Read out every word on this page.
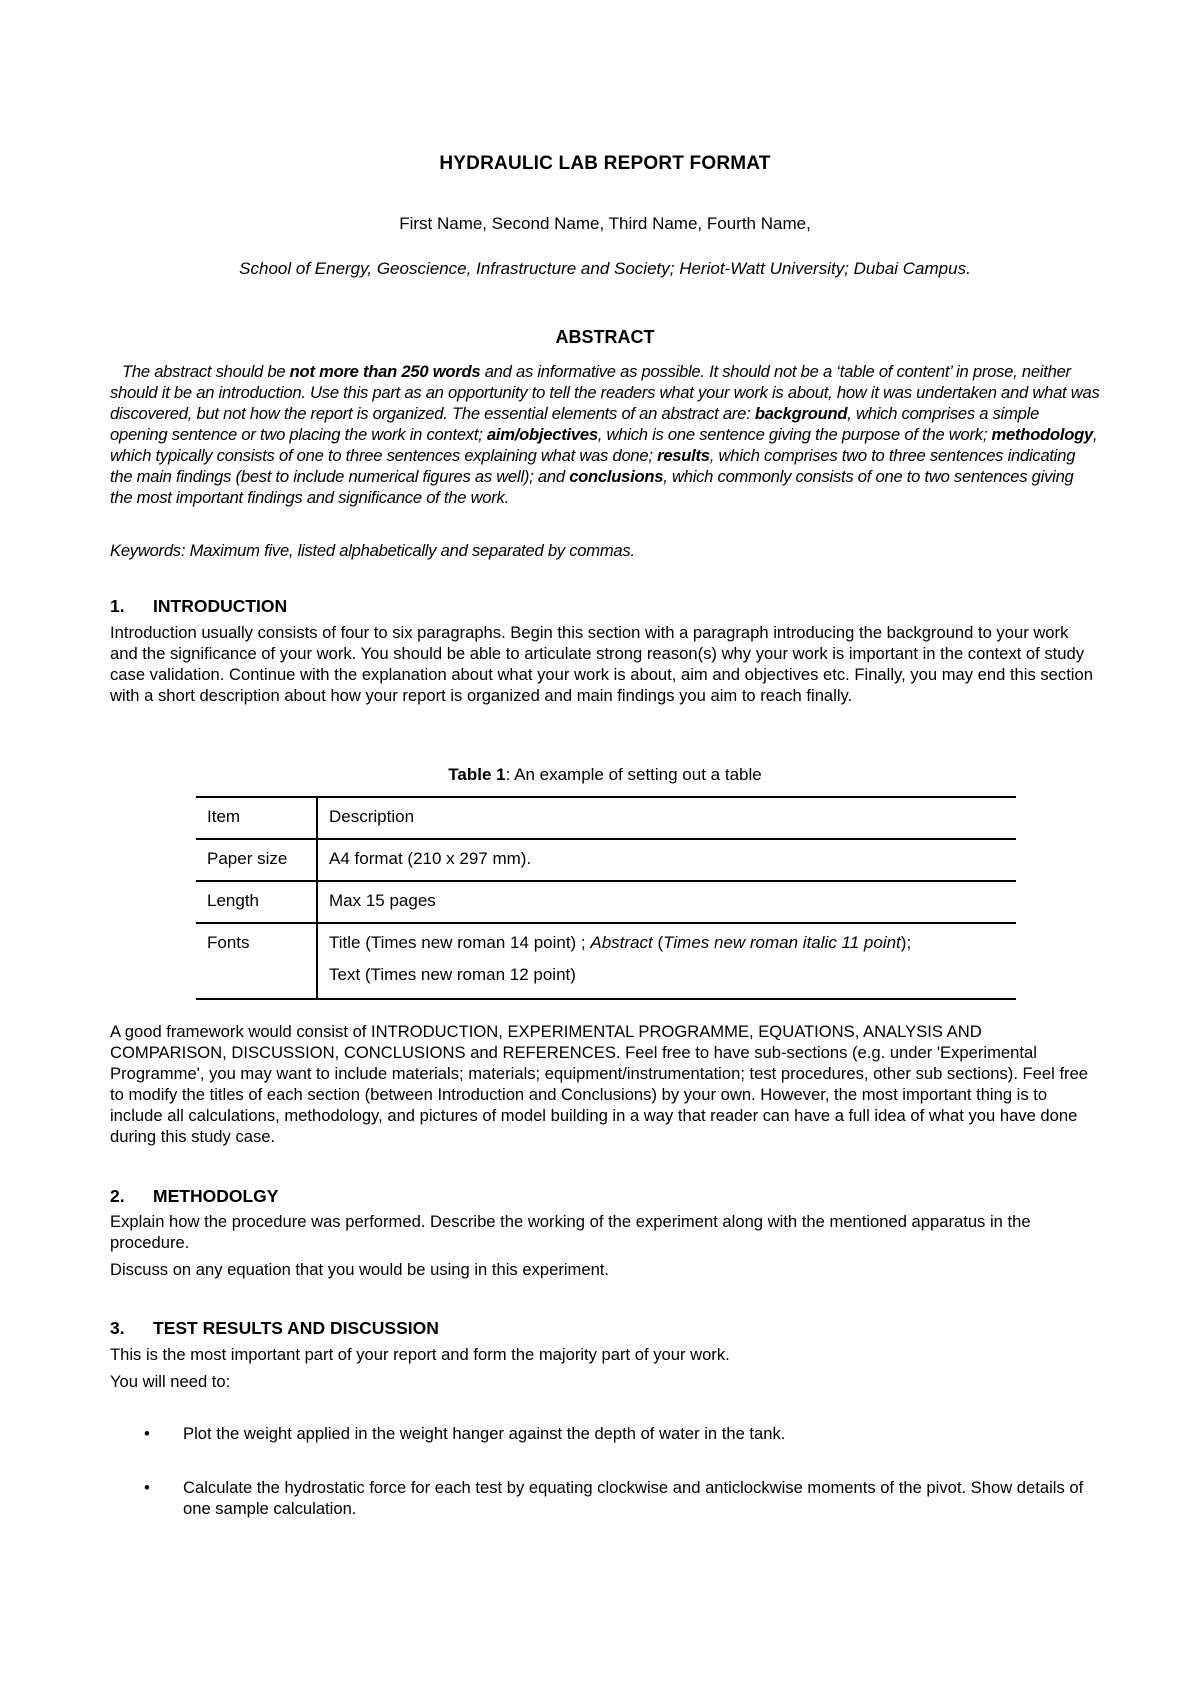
HYDRAULIC LAB REPORT FORMAT
First Name, Second Name, Third Name, Fourth Name,
School of Energy, Geoscience, Infrastructure and Society; Heriot-Watt University; Dubai Campus.
ABSTRACT
The abstract should be not more than 250 words and as informative as possible. It should not be a ‘table of content’ in prose, neither should it be an introduction. Use this part as an opportunity to tell the readers what your work is about, how it was undertaken and what was discovered, but not how the report is organized. The essential elements of an abstract are: background, which comprises a simple opening sentence or two placing the work in context; aim/objectives, which is one sentence giving the purpose of the work; methodology, which typically consists of one to three sentences explaining what was done; results, which comprises two to three sentences indicating the main findings (best to include numerical figures as well); and conclusions, which commonly consists of one to two sentences giving the most important findings and significance of the work.
Keywords: Maximum five, listed alphabetically and separated by commas.
1. INTRODUCTION
Introduction usually consists of four to six paragraphs. Begin this section with a paragraph introducing the background to your work and the significance of your work. You should be able to articulate strong reason(s) why your work is important in the context of study case validation. Continue with the explanation about what your work is about, aim and objectives etc. Finally, you may end this section with a short description about how your report is organized and main findings you aim to reach finally.
Table 1: An example of setting out a table
Item	Description
Paper size	A4 format (210 x 297 mm).
Length	Max 15 pages
Fonts	Title (Times new roman 14 point) ; Abstract (Times new roman italic 11 point);
Text (Times new roman 12 point)
A good framework would consist of INTRODUCTION, EXPERIMENTAL PROGRAMME, EQUATIONS, ANALYSIS AND COMPARISON, DISCUSSION, CONCLUSIONS and REFERENCES. Feel free to have sub-sections (e.g. under 'Experimental Programme', you may want to include materials; materials; equipment/instrumentation; test procedures, other sub sections). Feel free to modify the titles of each section (between Introduction and Conclusions) by your own. However, the most important thing is to include all calculations, methodology, and pictures of model building in a way that reader can have a full idea of what you have done during this study case.
2. METHODOLGY
Explain how the procedure was performed. Describe the working of the experiment along with the mentioned apparatus in the procedure.
Discuss on any equation that you would be using in this experiment.
3. TEST RESULTS AND DISCUSSION
This is the most important part of your report and form the majority part of your work.
You will need to:
• Plot the weight applied in the weight hanger against the depth of water in the tank.
• Calculate the hydrostatic force for each test by equating clockwise and anticlockwise moments of the pivot. Show details of one sample calculation.
